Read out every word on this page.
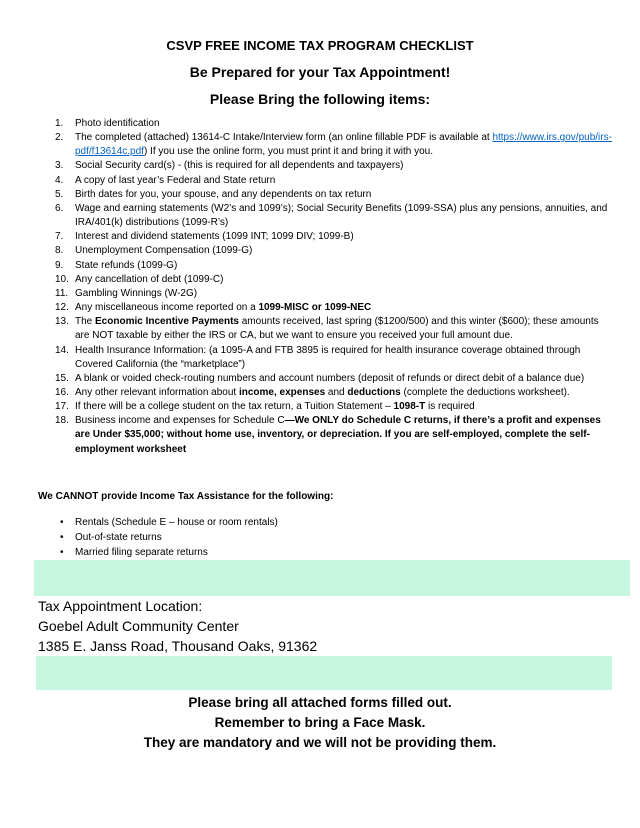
CSVP FREE INCOME TAX PROGRAM CHECKLIST
Be Prepared for your Tax Appointment!
Please Bring the following items:
1. Photo identification
2. The completed (attached) 13614-C Intake/Interview form (an online fillable PDF is available at https://www.irs.gov/pub/irs-pdf/f13614c.pdf) If you use the online form, you must print it and bring it with you.
3. Social Security card(s) - (this is required for all dependents and taxpayers)
4. A copy of last year’s Federal and State return
5. Birth dates for you, your spouse, and any dependents on tax return
6. Wage and earning statements (W2’s and 1099’s); Social Security Benefits (1099-SSA) plus any pensions, annuities, and IRA/401(k) distributions (1099-R’s)
7. Interest and dividend statements (1099 INT; 1099 DIV; 1099-B)
8. Unemployment Compensation (1099-G)
9. State refunds (1099-G)
10. Any cancellation of debt (1099-C)
11. Gambling Winnings (W-2G)
12. Any miscellaneous income reported on a 1099-MISC or 1099-NEC
13. The Economic Incentive Payments amounts received, last spring ($1200/500) and this winter ($600); these amounts are NOT taxable by either the IRS or CA, but we want to ensure you received your full amount due.
14. Health Insurance Information: (a 1095-A and FTB 3895 is required for health insurance coverage obtained through Covered California (the “marketplace”)
15. A blank or voided check-routing numbers and account numbers (deposit of refunds or direct debit of a balance due)
16. Any other relevant information about income, expenses and deductions (complete the deductions worksheet).
17. If there will be a college student on the tax return, a Tuition Statement – 1098-T is required
18. Business income and expenses for Schedule C—We ONLY do Schedule C returns, if there’s a profit and expenses are Under $35,000; without home use, inventory, or depreciation. If you are self-employed, complete the self-employment worksheet
We CANNOT provide Income Tax Assistance for the following:
• Rentals (Schedule E – house or room rentals)
• Out-of-state returns
• Married filing separate returns
Tax Appointment Location:
Goebel Adult Community Center
1385 E. Janss Road, Thousand Oaks, 91362
Please bring all attached forms filled out.
Remember to bring a Face Mask.
They are mandatory and we will not be providing them.
